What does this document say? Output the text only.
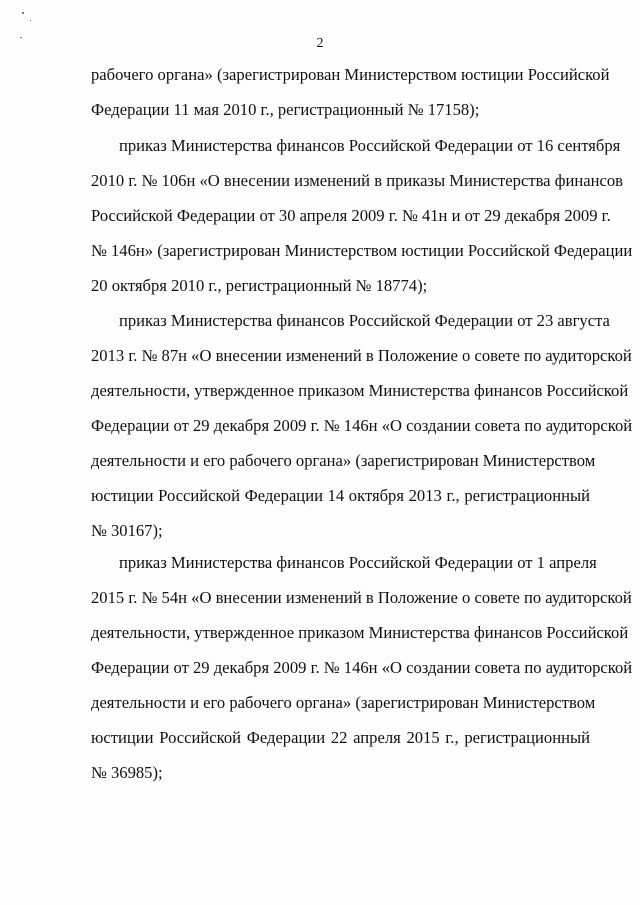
2
рабочего органа» (зарегистрирован Министерством юстиции Российской
Федерации 11 мая 2010 г., регистрационный № 17158);
приказ Министерства финансов Российской Федерации от 16 сентября
2010 г. № 106н «О внесении изменений в приказы Министерства финансов
Российской Федерации от 30 апреля 2009 г. № 41н и от 29 декабря 2009 г.
№ 146н» (зарегистрирован Министерством юстиции Российской Федерации
20 октября 2010 г., регистрационный № 18774);
приказ Министерства финансов Российской Федерации от 23 августа
2013 г. № 87н «О внесении изменений в Положение о совете по аудиторской
деятельности, утвержденное приказом Министерства финансов Российской
Федерации от 29 декабря 2009 г. № 146н «О создании совета по аудиторской
деятельности и его рабочего органа» (зарегистрирован Министерством
юстиции Российской Федерации 14 октября 2013 г., регистрационный
№ 30167);
приказ Министерства финансов Российской Федерации от 1 апреля
2015 г. № 54н «О внесении изменений в Положение о совете по аудиторской
деятельности, утвержденное приказом Министерства финансов Российской
Федерации от 29 декабря 2009 г. № 146н «О создании совета по аудиторской
деятельности и его рабочего органа» (зарегистрирован Министерством
юстиции Российской Федерации 22 апреля 2015 г., регистрационный
№ 36985);
